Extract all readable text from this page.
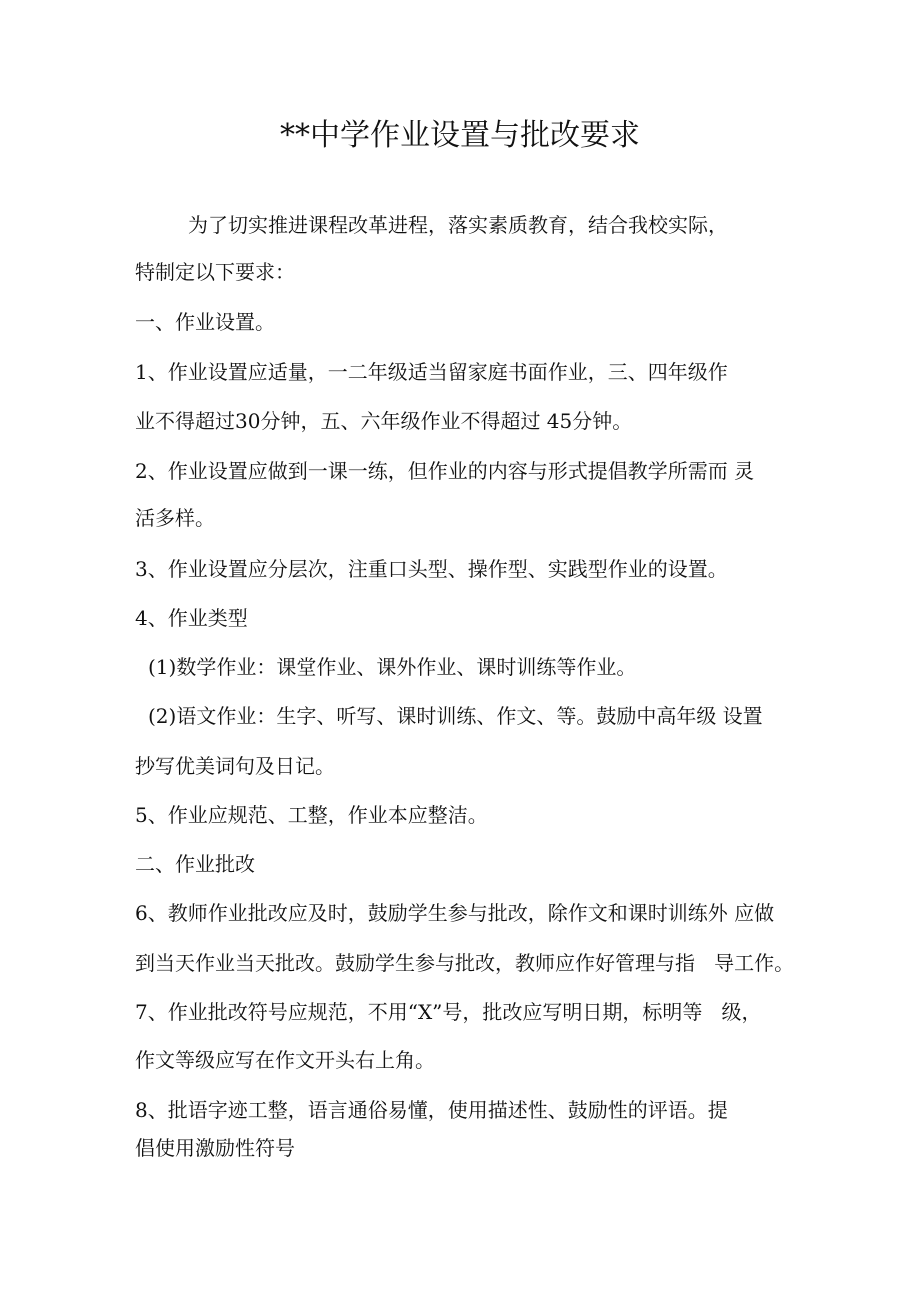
**中学作业设置与批改要求
为了切实推进课程改革进程，落实素质教育，结合我校实际，
特制定以下要求：
一、作业设置。
1、作业设置应适量，一二年级适当留家庭书面作业，三、四年级作
业不得超过30分钟，五、六年级作业不得超过 45分钟。
2、作业设置应做到一课一练，但作业的内容与形式提倡教学所需而 灵
活多样。
3、作业设置应分层次，注重口头型、操作型、实践型作业的设置。
4、作业类型
(1)数学作业：课堂作业、课外作业、课时训练等作业。
(2)语文作业：生字、听写、课时训练、作文、等。鼓励中高年级 设置
抄写优美词句及日记。
5、作业应规范、工整，作业本应整洁。
二、作业批改
6、教师作业批改应及时，鼓励学生参与批改，除作文和课时训练外 应做
到当天作业当天批改。鼓励学生参与批改，教师应作好管理与指   导工作。
7、作业批改符号应规范，不用“X”号，批改应写明日期，标明等   级，
作文等级应写在作文开头右上角。
8、批语字迹工整，语言通俗易懂，使用描述性、鼓励性的评语。提
倡使用激励性符号
